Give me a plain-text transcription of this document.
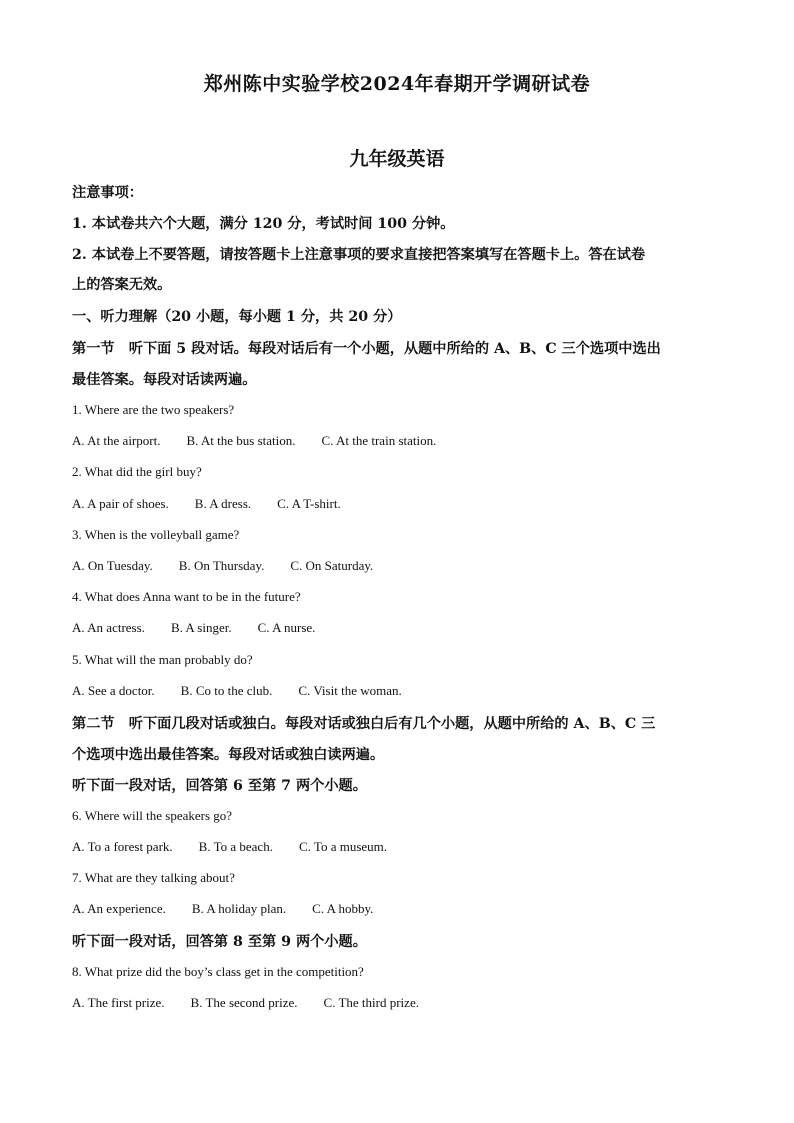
郑州陈中实验学校2024年春期开学调研试卷
九年级英语
注意事项：
1. 本试卷共六个大题，满分 120 分，考试时间 100 分钟。
2. 本试卷上不要答题，请按答题卡上注意事项的要求直接把答案填写在答题卡上。答在试卷
上的答案无效。
一、听力理解（20 小题，每小题 1 分，共 20 分）
第一节　听下面 5 段对话。每段对话后有一个小题，从题中所给的 A、B、C 三个选项中选出
最佳答案。每段对话读两遍。
1. Where are the two speakers?
A. At the airport. B. At the bus station. C. At the train station.
2. What did the girl buy?
A. A pair of shoes. B. A dress. C. A T-shirt.
3. When is the volleyball game?
A. On Tuesday. B. On Thursday. C. On Saturday.
4. What does Anna want to be in the future?
A. An actress. B. A singer. C. A nurse.
5. What will the man probably do?
A. See a doctor. B. Co to the club. C. Visit the woman.
第二节　听下面几段对话或独白。每段对话或独白后有几个小题，从题中所给的 A、B、C 三
个选项中选出最佳答案。每段对话或独白读两遍。
听下面一段对话，回答第 6 至第 7 两个小题。
6. Where will the speakers go?
A. To a forest park. B. To a beach. C. To a museum.
7. What are they talking about?
A. An experience. B. A holiday plan. C. A hobby.
听下面一段对话，回答第 8 至第 9 两个小题。
8. What prize did the boy’s class get in the competition?
A. The first prize. B. The second prize. C. The third prize.
